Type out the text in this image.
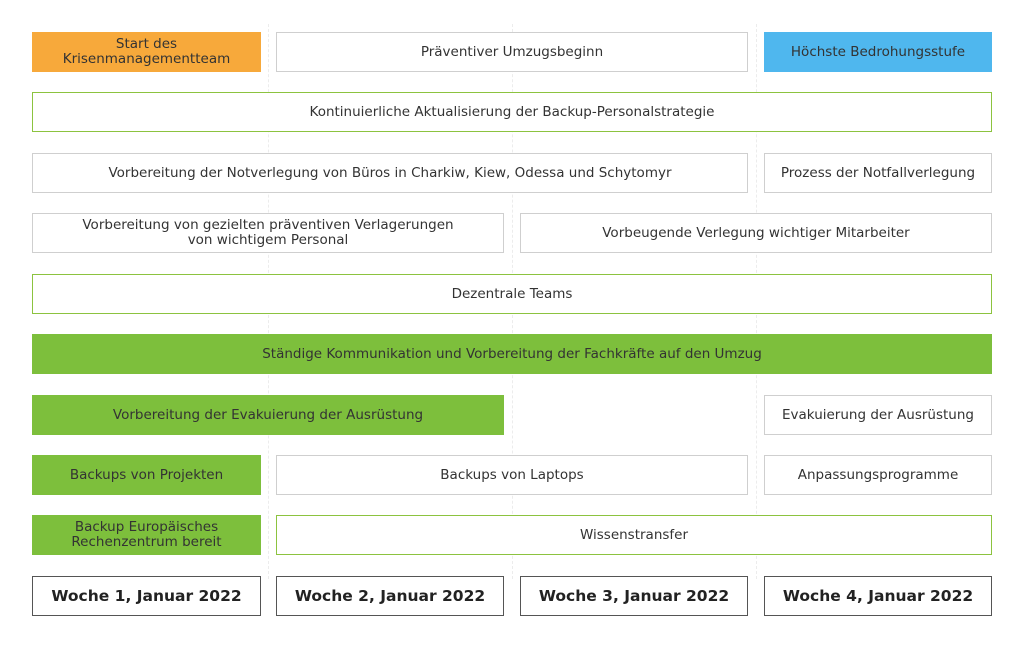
Start des Krisenmanagementteam	Präventiver Umzugsbeginn	Höchste Bedrohungsstufe
Kontinuierliche Aktualisierung der Backup-Personalstrategie
Vorbereitung der Notverlegung von Büros in Charkiw, Kiew, Odessa und Schytomyr	Prozess der Notfallverlegung
Vorbereitung von gezielten präventiven Verlagerungen von wichtigem Personal	Vorbeugende Verlegung wichtiger Mitarbeiter
Dezentrale Teams
Ständige Kommunikation und Vorbereitung der Fachkräfte auf den Umzug
Vorbereitung der Evakuierung der Ausrüstung	Evakuierung der Ausrüstung
Backups von Projekten	Backups von Laptops	Anpassungsprogramme
Backup Europäisches Rechenzentrum bereit	Wissenstransfer
Woche 1, Januar 2022	Woche 2, Januar 2022	Woche 3, Januar 2022	Woche 4, Januar 2022
